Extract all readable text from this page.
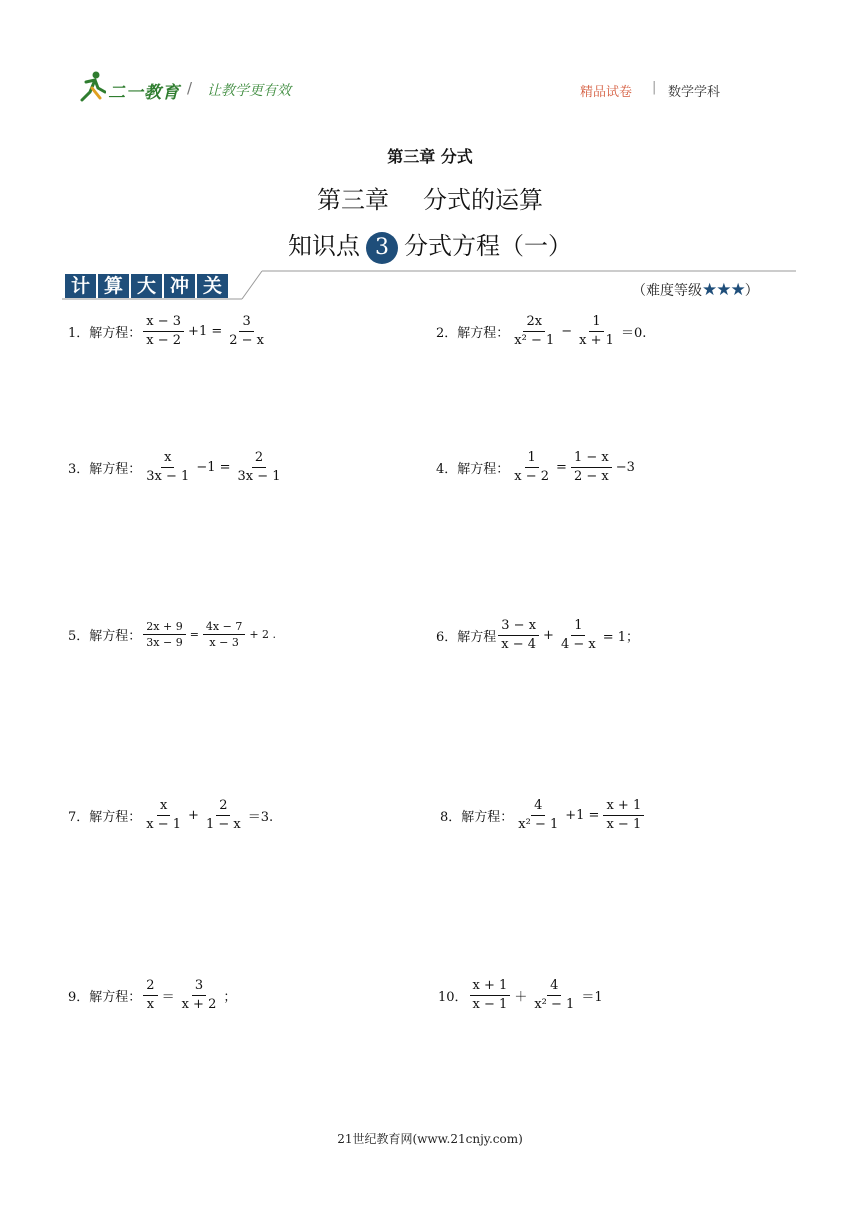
二一教育 / 让教学更有效	精品试卷 | 数学学科
第三章 分式
第三章 分式的运算
知识点 3 分式方程（一）
计 算 大 冲 关	（难度等级★★★）
1．解方程： $\frac{x - 3}{x - 2} +1 = \frac{3}{2 - x}$	2．解方程： $\frac{2x}{\text{x² − 1}} - \frac{1}{x + 1} =0$.
3．解方程： $\frac{x}{3x - 1} -1 = \frac{2}{3x - 1}$	4．解方程： $\frac{1}{x - 2} = \frac{1 - x}{2 - x} -3$
5．解方程： $\frac{2x + 9}{3x - 9} = \frac{4x - 7}{x - 3} + 2$ .	6．解方程 $\frac{3 - x}{x - 4} + \frac{1}{4 - x} = 1$；
7．解方程： $\frac{x}{x - 1} + \frac{2}{1 - x} =3$.	8．解方程： $\frac{4}{\text{x² − 1}} +1 = \frac{x + 1}{x - 1}$
9．解方程： $\frac{2}{x} = \frac{3}{x + 2}$ ；	10． $\frac{x + 1}{x - 1} + \frac{4}{\text{x² − 1}} =1$
21世纪教育网(www.21cnjy.com)
